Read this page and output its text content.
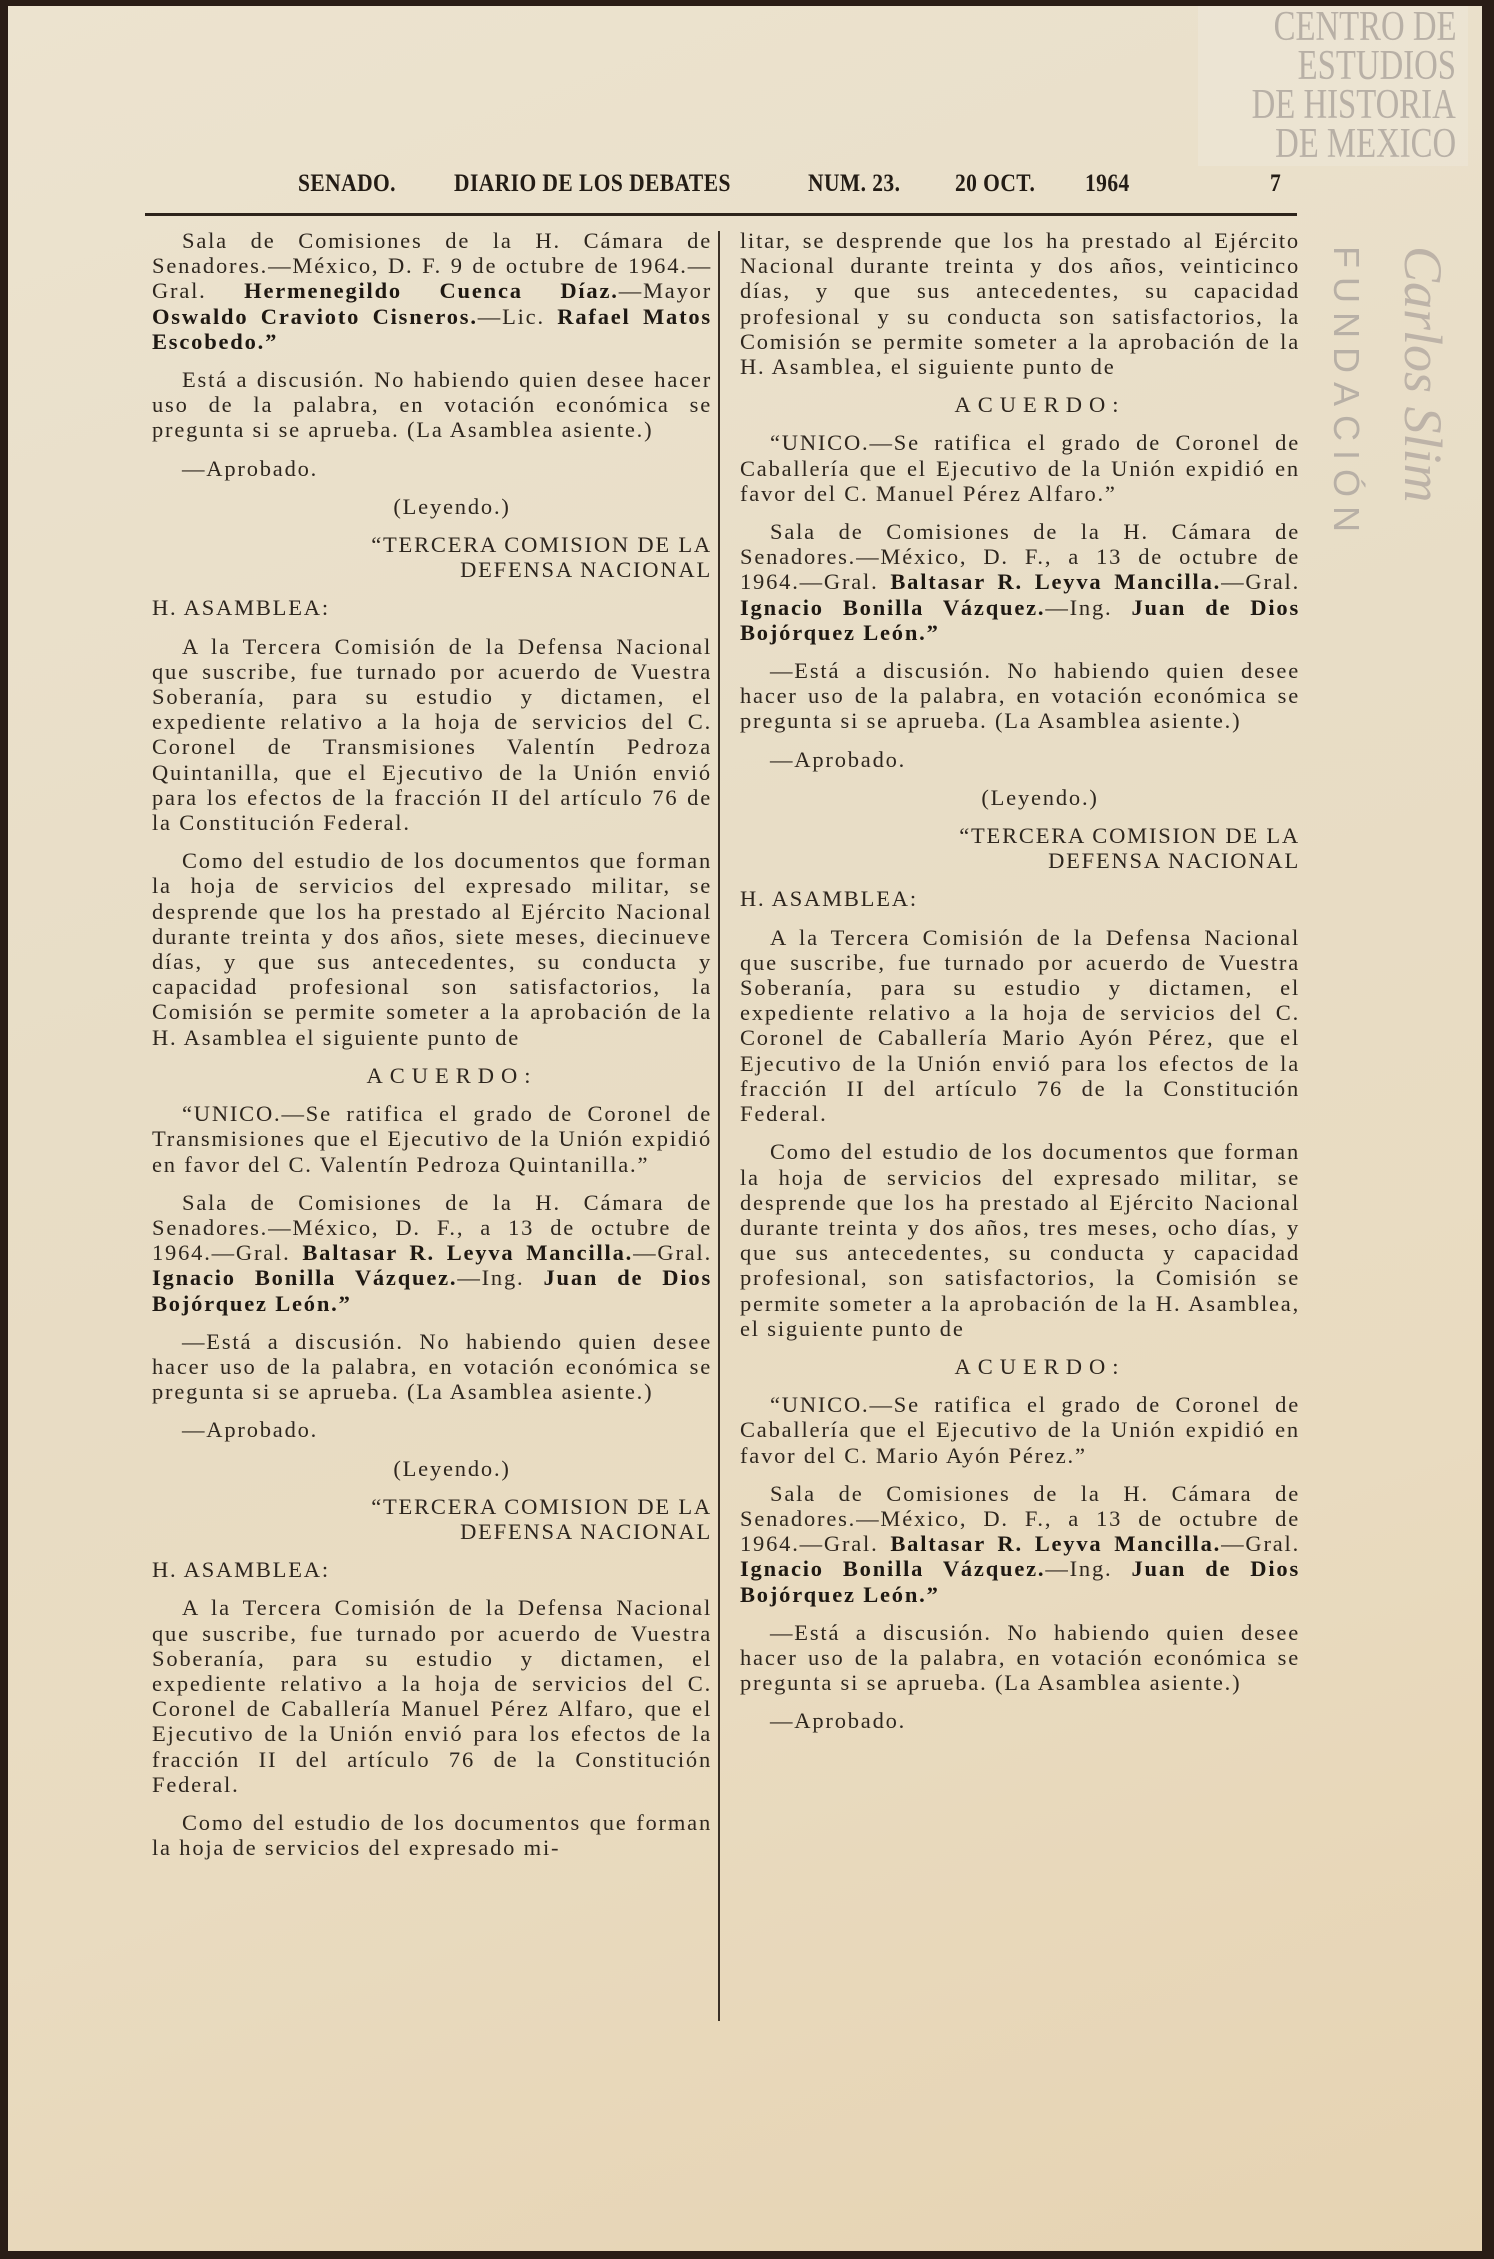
CENTRO DE
ESTUDIOS
DE HISTORIA
DE MEXICO
FUNDACIÓN Carlos Slim
SENADO. DIARIO DE LOS DEBATES	NUM. 23. 20 OCT. 1964	7
Sala de Comisiones de la H. Cámara de Senadores.—México, D. F. 9 de octubre de 1964.—Gral. Hermenegildo Cuenca Díaz.—Mayor Oswaldo Cravioto Cisneros.—Lic. Rafael Matos Escobedo.”
Está a discusión. No habiendo quien desee hacer uso de la palabra, en votación económica se pregunta si se aprueba. (La Asamblea asiente.)
—Aprobado.
(Leyendo.)
“TERCERA COMISION DE LA
DEFENSA NACIONAL
H. ASAMBLEA:
A la Tercera Comisión de la Defensa Nacional que suscribe, fue turnado por acuerdo de Vuestra Soberanía, para su estudio y dictamen, el expediente relativo a la hoja de servicios del C. Coronel de Transmisiones Valentín Pedroza Quintanilla, que el Ejecutivo de la Unión envió para los efectos de la fracción II del artículo 76 de la Constitución Federal.
Como del estudio de los documentos que forman la hoja de servicios del expresado militar, se desprende que los ha prestado al Ejército Nacional durante treinta y dos años, siete meses, diecinueve días, y que sus antecedentes, su conducta y capacidad profesional son satisfactorios, la Comisión se permite someter a la aprobación de la H. Asamblea el siguiente punto de
ACUERDO:
“UNICO.—Se ratifica el grado de Coronel de Transmisiones que el Ejecutivo de la Unión expidió en favor del C. Valentín Pedroza Quintanilla.”
Sala de Comisiones de la H. Cámara de Senadores.—México, D. F., a 13 de octubre de 1964.—Gral. Baltasar R. Leyva Mancilla.—Gral. Ignacio Bonilla Vázquez.—Ing. Juan de Dios Bojórquez León.”
—Está a discusión. No habiendo quien desee hacer uso de la palabra, en votación económica se pregunta si se aprueba. (La Asamblea asiente.)
—Aprobado.
(Leyendo.)
“TERCERA COMISION DE LA
DEFENSA NACIONAL
H. ASAMBLEA:
A la Tercera Comisión de la Defensa Nacional que suscribe, fue turnado por acuerdo de Vuestra Soberanía, para su estudio y dictamen, el expediente relativo a la hoja de servicios del C. Coronel de Caballería Manuel Pérez Alfaro, que el Ejecutivo de la Unión envió para los efectos de la fracción II del artículo 76 de la Constitución Federal.
Como del estudio de los documentos que forman la hoja de servicios del expresado mi-
litar, se desprende que los ha prestado al Ejército Nacional durante treinta y dos años, veinticinco días, y que sus antecedentes, su capacidad profesional y su conducta son satisfactorios, la Comisión se permite someter a la aprobación de la H. Asamblea, el siguiente punto de
ACUERDO:
“UNICO.—Se ratifica el grado de Coronel de Caballería que el Ejecutivo de la Unión expidió en favor del C. Manuel Pérez Alfaro.”
Sala de Comisiones de la H. Cámara de Senadores.—México, D. F., a 13 de octubre de 1964.—Gral. Baltasar R. Leyva Mancilla.—Gral. Ignacio Bonilla Vázquez.—Ing. Juan de Dios Bojórquez León.”
—Está a discusión. No habiendo quien desee hacer uso de la palabra, en votación económica se pregunta si se aprueba. (La Asamblea asiente.)
—Aprobado.
(Leyendo.)
“TERCERA COMISION DE LA
DEFENSA NACIONAL
H. ASAMBLEA:
A la Tercera Comisión de la Defensa Nacional que suscribe, fue turnado por acuerdo de Vuestra Soberanía, para su estudio y dictamen, el expediente relativo a la hoja de servicios del C. Coronel de Caballería Mario Ayón Pérez, que el Ejecutivo de la Unión envió para los efectos de la fracción II del artículo 76 de la Constitución Federal.
Como del estudio de los documentos que forman la hoja de servicios del expresado militar, se desprende que los ha prestado al Ejército Nacional durante treinta y dos años, tres meses, ocho días, y que sus antecedentes, su conducta y capacidad profesional, son satisfactorios, la Comisión se permite someter a la aprobación de la H. Asamblea, el siguiente punto de
ACUERDO:
“UNICO.—Se ratifica el grado de Coronel de Caballería que el Ejecutivo de la Unión expidió en favor del C. Mario Ayón Pérez.”
Sala de Comisiones de la H. Cámara de Senadores.—México, D. F., a 13 de octubre de 1964.—Gral. Baltasar R. Leyva Mancilla.—Gral. Ignacio Bonilla Vázquez.—Ing. Juan de Dios Bojórquez León.”
—Está a discusión. No habiendo quien desee hacer uso de la palabra, en votación económica se pregunta si se aprueba. (La Asamblea asiente.)
—Aprobado.
